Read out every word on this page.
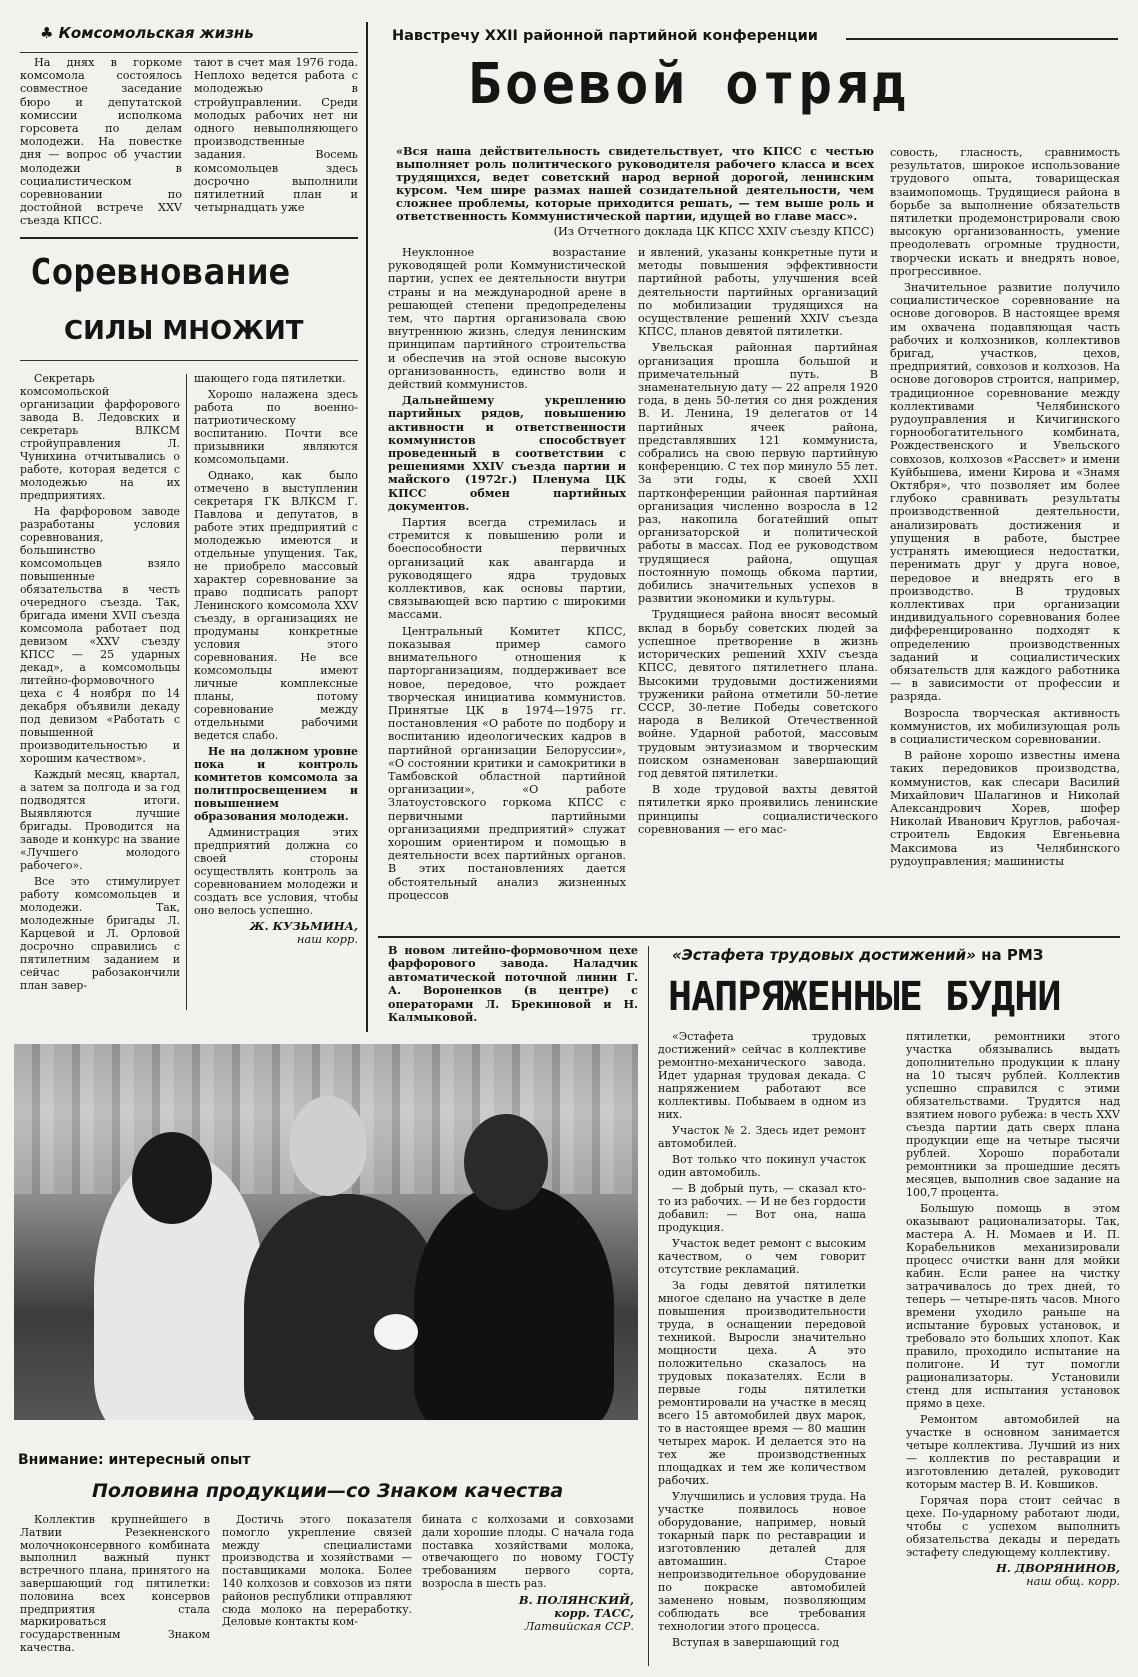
♣ Комсомольская жизнь

На днях в горкоме комсомола состоялось совместное заседание бюро и депутатской комиссии исполкома горсовета по делам молодежи. На повестке дня — вопрос об участии молодежи в социалистическом соревновании по достойной встрече XXV съезда КПСС.

тают в счет мая 1976 года. Неплохо ведется работа с молодежью в стройуправлении. Среди молодых рабочих нет ни одного невыполняющего производственные задания. Восемь комсомольцев здесь досрочно выполнили пятилетний план и четырнадцать уже

Соревнование
СИЛЫ МНОЖИТ

Секретарь комсомольской организации фарфорового завода В. Ледовских и секретарь ВЛКСМ стройуправления Л. Чунихина отчитывались о работе, которая ведется с молодежью на их предприятиях.

На фарфоровом заводе разработаны условия соревнования, большинство комсомольцев взяло повышенные обязательства в честь очередного съезда. Так, бригада имени XVII съезда комсомола работает под девизом «XXV съезду КПСС — 25 ударных декад», а комсомольцы литейно-формовочного цеха с 4 ноября по 14 декабря объявили декаду под девизом «Работать с повышенной производительностью и хорошим качеством».

Каждый месяц, квартал, а затем за полгода и за год подводятся итоги. Выявляются лучшие бригады. Проводится на заводе и конкурс на звание «Лучшего молодого рабочего».

Все это стимулирует работу комсомольцев и молодежи. Так, молодежные бригады Л. Карцевой и Л. Орловой досрочно справились с пятилетним заданием и сейчас рабозакончили план завер-

шающего года пятилетки.

Хорошо налажена здесь работа по военно-патриотическому воспитанию. Почти все призывники являются комсомольцами.

Однако, как было отмечено в выступлении секретаря ГК ВЛКСМ Г. Павлова и депутатов, в работе этих предприятий с молодежью имеются и отдельные упущения. Так, не приобрело массовый характер соревнование за право подписать рапорт Ленинского комсомола XXV съезду, в организациях не продуманы конкретные условия этого соревнования. Не все комсомольцы имеют личные комплексные планы, потому соревнование между отдельными рабочими ведется слабо.

Не на должном уровне пока и контроль комитетов комсомола за политпросвещением и повышением образования молодежи.

Администрация этих предприятий должна со своей стороны осуществлять контроль за соревнованием молодежи и создать все условия, чтобы оно велось успешно.

Ж. КУЗЬМИНА,
наш корр.
Навстречу XXII районной партийной конференции
Боевой отряд
«Вся наша действительность свидетельствует, что КПСС с честью выполняет роль политического руководителя рабочего класса и всех трудящихся, ведет советский народ верной дорогой, ленинским курсом. Чем шире размах нашей созидательной деятельности, чем сложнее проблемы, которые приходится решать, — тем выше роль и ответственность Коммунистической партии, идущей во главе масс».
(Из Отчетного доклада ЦК КПСС XXIV съезду КПСС)

Неуклонное возрастание руководящей роли Коммунистической партии, успех ее деятельности внутри страны и на международной арене в решающей степени предопределены тем, что партия организовала свою внутреннюю жизнь, следуя ленинским принципам партийного строительства и обеспечив на этой основе высокую организованность, единство воли и действий коммунистов.

Дальнейшему укреплению партийных рядов, повышению активности и ответственности коммунистов способствует проведенный в соответствии с решениями XXIV съезда партии и майского (1972г.) Пленума ЦК КПСС обмен партийных документов.

Партия всегда стремилась и стремится к повышению роли и боеспособности первичных организаций как авангарда и руководящего ядра трудовых коллективов, как основы партии, связывающей всю партию с широкими массами.

Центральный Комитет КПСС, показывая пример самого внимательного отношения к парторганизациям, поддерживает все новое, передовое, что рождает творческая инициатива коммунистов. Принятые ЦК в 1974—1975 гг. постановления «О работе по подбору и воспитанию идеологических кадров в партийной организации Белоруссии», «О состоянии критики и самокритики в Тамбовской областной партийной организации», «О работе Златоустовского горкома КПСС с первичными партийными организациями предприятий» служат хорошим ориентиром и помощью в деятельности всех партийных органов. В этих постановлениях дается обстоятельный анализ жизненных процессов

и явлений, указаны конкретные пути и методы повышения эффективности партийной работы, улучшения всей деятельности партийных организаций по мобилизации трудящихся на осуществление решений XXIV съезда КПСС, планов девятой пятилетки.

Увельская районная партийная организация прошла большой и примечательный путь. В знаменательную дату — 22 апреля 1920 года, в день 50-летия со дня рождения В. И. Ленина, 19 делегатов от 14 партийных ячеек района, представлявших 121 коммуниста, собрались на свою первую партийную конференцию. С тех пор минуло 55 лет. За эти годы, к своей XXII партконференции районная партийная организация численно возросла в 12 раз, накопила богатейший опыт организаторской и политической работы в массах. Под ее руководством трудящиеся района, ощущая постоянную помощь обкома партии, добились значительных успехов в развитии экономики и культуры.

Трудящиеся района вносят весомый вклад в борьбу советских людей за успешное претворение в жизнь исторических решений XXIV съезда КПСС, девятого пятилетнего плана. Высокими трудовыми достижениями труженики района отметили 50-летие СССР, 30-летие Победы советского народа в Великой Отечественной войне. Ударной работой, массовым трудовым энтузиазмом и творческим поиском ознаменован завершающий год девятой пятилетки.

В ходе трудовой вахты девятой пятилетки ярко проявились ленинские принципы социалистического соревнования — его мас-

совость, гласность, сравнимость результатов, широкое использование трудового опыта, товарищеская взаимопомощь. Трудящиеся района в борьбе за выполнение обязательств пятилетки продемонстрировали свою высокую организованность, умение преодолевать огромные трудности, творчески искать и внедрять новое, прогрессивное.

Значительное развитие получило социалистическое соревнование на основе договоров. В настоящее время им охвачена подавляющая часть рабочих и колхозников, коллективов бригад, участков, цехов, предприятий, совхозов и колхозов. На основе договоров строится, например, традиционное соревнование между коллективами Челябинского рудоуправления и Кичигинского горнообогатительного комбината, Рождественского и Увельского совхозов, колхозов «Рассвет» и имени Куйбышева, имени Кирова и «Знамя Октября», что позволяет им более глубоко сравнивать результаты производственной деятельности, анализировать достижения и упущения в работе, быстрее устранять имеющиеся недостатки, перенимать друг у друга новое, передовое и внедрять его в производство. В трудовых коллективах при организации индивидуального соревнования более дифференцированно подходят к определению производственных заданий и социалистических обязательств для каждого работника — в зависимости от профессии и разряда.

Возросла творческая активность коммунистов, их мобилизующая роль в социалистическом соревновании.

В районе хорошо известны имена таких передовиков производства, коммунистов, как слесари Василий Михайлович Шалагинов и Николай Александрович Хорев, шофер Николай Иванович Круглов, рабочая-строитель Евдокия Евгеньевна Максимова из Челябинского рудоуправления; машинисты

В новом литейно-формовочном цехе фарфорового завода. Наладчик автоматической поточной линии Г. А. Вороненков (в центре) с операторами Л. Брекиновой и Н. Калмыковой.
«Эстафета трудовых достижений» на РМЗ
НАПРЯЖЕННЫЕ БУДНИ

«Эстафета трудовых достижений» сейчас в коллективе ремонтно-механического завода. Идет ударная трудовая декада. С напряжением работают все коллективы. Побываем в одном из них.

Участок № 2. Здесь идет ремонт автомобилей.

Вот только что покинул участок один автомобиль.

— В добрый путь, — сказал кто-то из рабочих. — И не без гордости добавил: — Вот она, наша продукция.

Участок ведет ремонт с высоким качеством, о чем говорит отсутствие рекламаций.

За годы девятой пятилетки многое сделано на участке в деле повышения производительности труда, в оснащении передовой техникой. Выросли значительно мощности цеха. А это положительно сказалось на трудовых показателях. Если в первые годы пятилетки ремонтировали на участке в месяц всего 15 автомобилей двух марок, то в настоящее время — 80 машин четырех марок. И делается это на тех же производственных площадках и тем же количеством рабочих.

Улучшились и условия труда. На участке появилось новое оборудование, например, новый токарный парк по реставрации и изготовлению деталей для автомашин. Старое непроизводительное оборудование по покраске автомобилей заменено новым, позволяющим соблюдать все требования технологии этого процесса.

Вступая в завершающий год

пятилетки, ремонтники этого участка обязывались выдать дополнительно продукции к плану на 10 тысяч рублей. Коллектив успешно справился с этими обязательствами. Трудятся над взятием нового рубежа: в честь XXV съезда партии дать сверх плана продукции еще на четыре тысячи рублей. Хорошо поработали ремонтники за прошедшие десять месяцев, выполнив свое задание на 100,7 процента.

Большую помощь в этом оказывают рационализаторы. Так, мастера А. Н. Момаев и И. П. Корабельников механизировали процесс очистки ванн для мойки кабин. Если ранее на чистку затрачивалось до трех дней, то теперь — четыре-пять часов. Много времени уходило раньше на испытание буровых установок, и требовало это больших хлопот. Как правило, проходило испытание на полигоне. И тут помогли рационализаторы. Установили стенд для испытания установок прямо в цехе.

Ремонтом автомобилей на участке в основном занимается четыре коллектива. Лучший из них — коллектив по реставрации и изготовлению деталей, руководит которым мастер В. И. Ковшиков.

Горячая пора стоит сейчас в цехе. По-ударному работают люди, чтобы с успехом выполнить обязательства декады и передать эстафету следующему коллективу.

Н. ДВОРЯНИНОВ,
наш общ. корр.
Внимание: интересный опыт
Половина продукции—со Знаком качества

Коллектив крупнейшего в Латвии Резекненского молочноконсервного комбината выполнил важный пункт встречного плана, принятого на завершающий год пятилетки: половина всех консервов предприятия стала маркироваться государственным Знаком качества.

Достичь этого показателя помогло укрепление связей между специалистами производства и хозяйствами — поставщиками молока. Более 140 колхозов и совхозов из пяти районов республики отправляют сюда молоко на переработку. Деловые контакты ком-

бината с колхозами и совхозами дали хорошие плоды. С начала года поставка хозяйствами молока, отвечающего по новому ГОСТу требованиям первого сорта, возросла в шесть раз.

В. ПОЛЯНСКИЙ,
корр. ТАСС,
Латвийская ССР.
